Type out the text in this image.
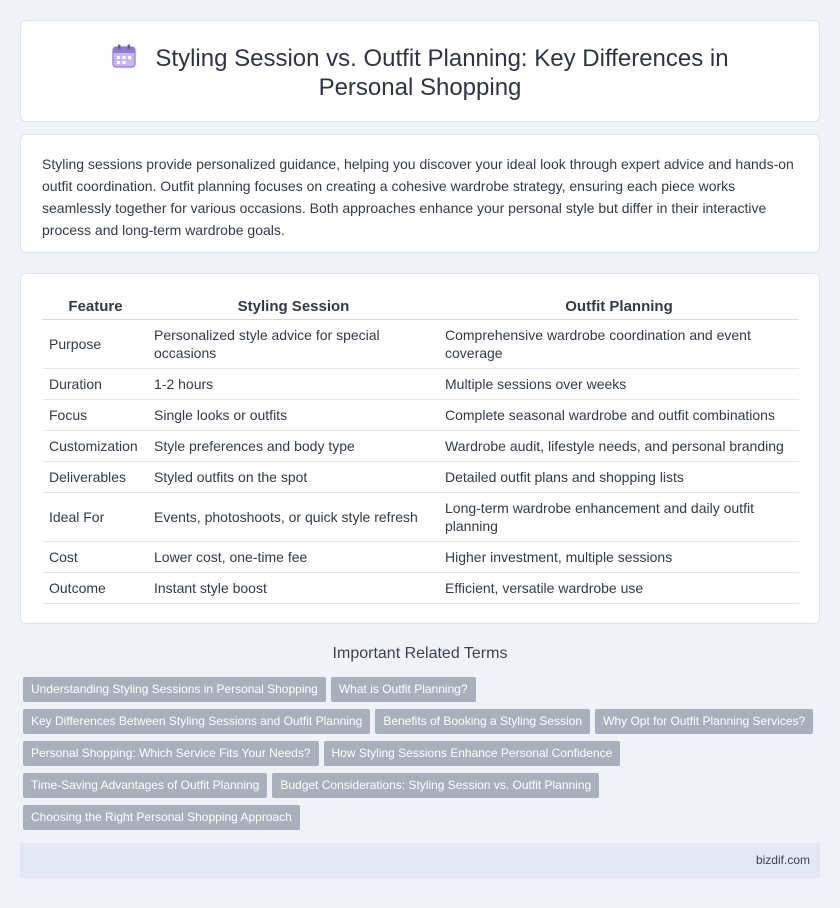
Styling Session vs. Outfit Planning: Key Differences in Personal Shopping

Styling sessions provide personalized guidance, helping you discover your ideal look through expert advice and hands-on outfit coordination. Outfit planning focuses on creating a cohesive wardrobe strategy, ensuring each piece works seamlessly together for various occasions. Both approaches enhance your personal style but differ in their interactive process and long-term wardrobe goals.

Feature	Styling Session	Outfit Planning
Purpose	Personalized style advice for special occasions	Comprehensive wardrobe coordination and event coverage
Duration	1-2 hours	Multiple sessions over weeks
Focus	Single looks or outfits	Complete seasonal wardrobe and outfit combinations
Customization	Style preferences and body type	Wardrobe audit, lifestyle needs, and personal branding
Deliverables	Styled outfits on the spot	Detailed outfit plans and shopping lists
Ideal For	Events, photoshoots, or quick style refresh	Long-term wardrobe enhancement and daily outfit planning
Cost	Lower cost, one-time fee	Higher investment, multiple sessions
Outcome	Instant style boost	Efficient, versatile wardrobe use
Important Related Terms
Understanding Styling Sessions in Personal Shopping What is Outfit Planning?
Key Differences Between Styling Sessions and Outfit Planning Benefits of Booking a Styling Session Why Opt for Outfit Planning Services?
Personal Shopping: Which Service Fits Your Needs? How Styling Sessions Enhance Personal Confidence
Time-Saving Advantages of Outfit Planning Budget Considerations: Styling Session vs. Outfit Planning
Choosing the Right Personal Shopping Approach
bizdif.com
